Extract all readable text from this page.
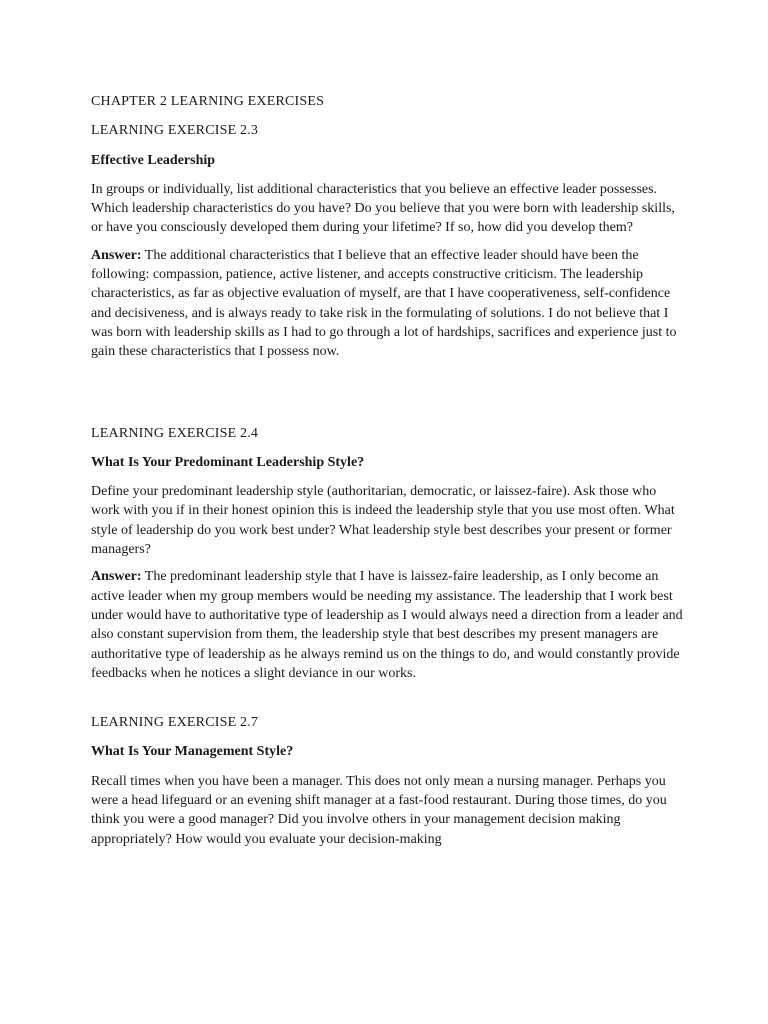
CHAPTER 2 LEARNING EXERCISES
LEARNING EXERCISE 2.3
Effective Leadership

In groups or individually, list additional characteristics that you believe an effective leader possesses. Which leadership characteristics do you have? Do you believe that you were born with leadership skills, or have you consciously developed them during your lifetime? If so, how did you develop them?

Answer: The additional characteristics that I believe that an effective leader should have been the following: compassion, patience, active listener, and accepts constructive criticism. The leadership characteristics, as far as objective evaluation of myself, are that I have cooperativeness, self-confidence and decisiveness, and is always ready to take risk in the formulating of solutions. I do not believe that I was born with leadership skills as I had to go through a lot of hardships, sacrifices and experience just to gain these characteristics that I possess now.

LEARNING EXERCISE 2.4
What Is Your Predominant Leadership Style?

Define your predominant leadership style (authoritarian, democratic, or laissez-faire). Ask those who work with you if in their honest opinion this is indeed the leadership style that you use most often. What style of leadership do you work best under? What leadership style best describes your present or former managers?

Answer: The predominant leadership style that I have is laissez-faire leadership, as I only become an active leader when my group members would be needing my assistance. The leadership that I work best under would have to authoritative type of leadership as I would always need a direction from a leader and also constant supervision from them, the leadership style that best describes my present managers are authoritative type of leadership as he always remind us on the things to do, and would constantly provide feedbacks when he notices a slight deviance in our works.

LEARNING EXERCISE 2.7
What Is Your Management Style?

Recall times when you have been a manager. This does not only mean a nursing manager. Perhaps you were a head lifeguard or an evening shift manager at a fast-food restaurant. During those times, do you think you were a good manager? Did you involve others in your management decision making appropriately? How would you evaluate your decision-making
